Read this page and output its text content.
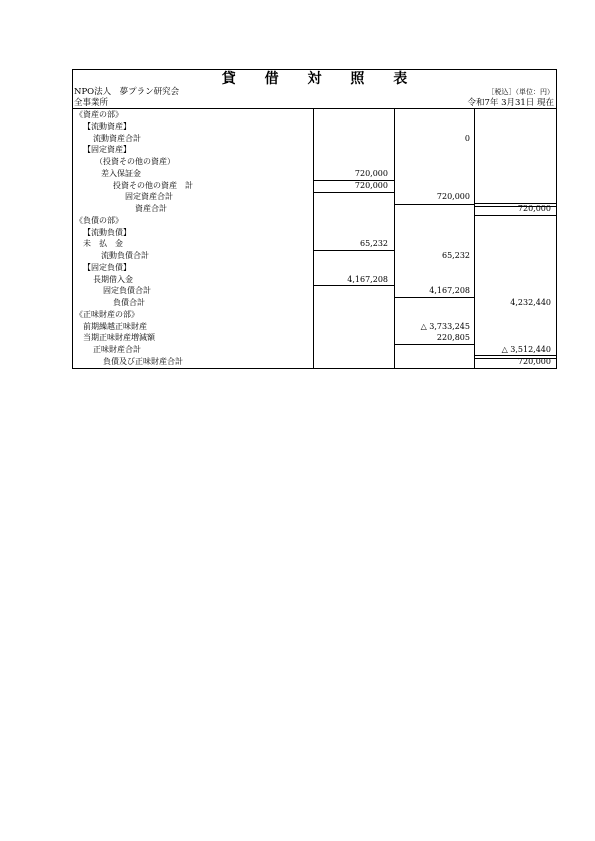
貸 借 対 照 表
NPO法人　夢プラン研究会	［税込］（単位：円）
全事業所	令和7年 3月31日 現在
《資産の部》
【流動資産】
流動資産合計	0
【固定資産】
（投資その他の資産）
差入保証金	720,000
投資その他の資産　計	720,000
固定資産合計	720,000
資産合計	720,000
《負債の部》
【流動負債】
未　払　金	65,232
流動負債合計	65,232
【固定負債】
長期借入金	4,167,208
固定負債合計	4,167,208
負債合計	4,232,440
《正味財産の部》
前期繰越正味財産	△ 3,733,245
当期正味財産増減額	220,805
正味財産合計	△ 3,512,440
負債及び正味財産合計	720,000
